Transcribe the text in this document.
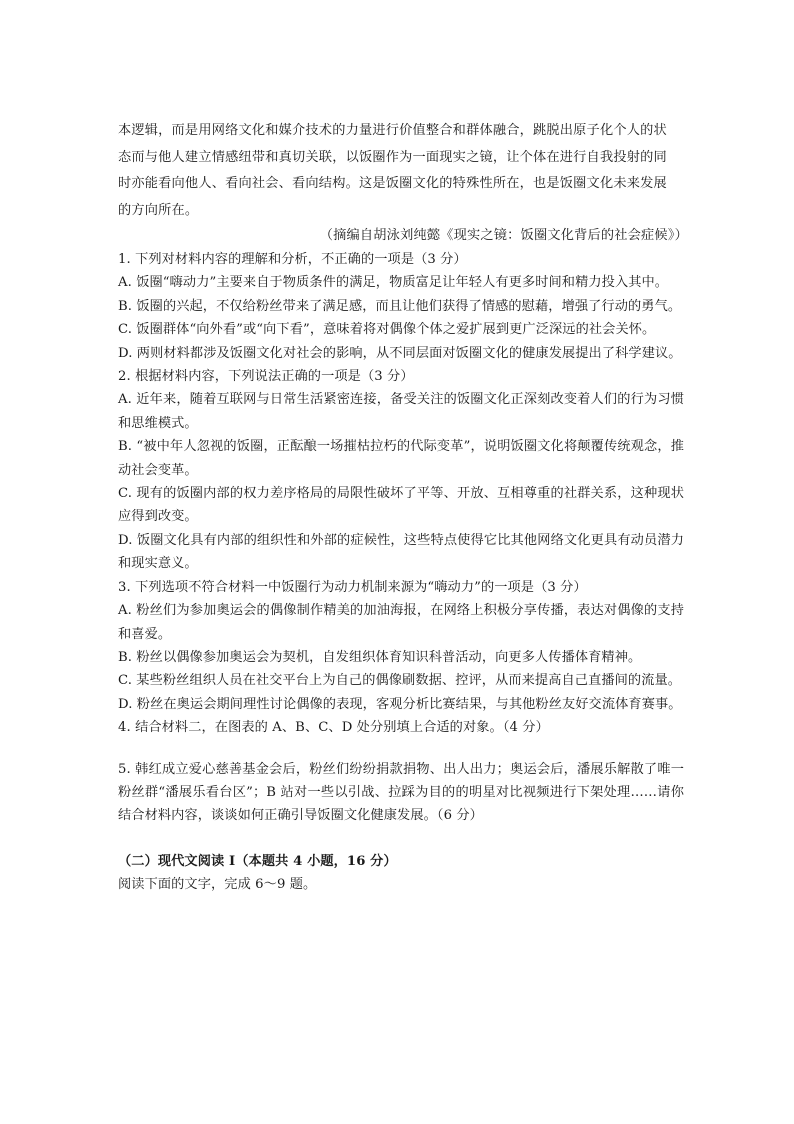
本逻辑，而是用网络文化和媒介技术的力量进行价值整合和群体融合，跳脱出原子化个人的状

态而与他人建立情感纽带和真切关联，以饭圈作为一面现实之镜，让个体在进行自我投射的同

时亦能看向他人、看向社会、看向结构。这是饭圈文化的特殊性所在，也是饭圈文化未来发展

的方向所在。

（摘编自胡泳刘纯懿《现实之镜：饭圈文化背后的社会症候》）

1. 下列对材料内容的理解和分析，不正确的一项是（3 分）

A. 饭圈“嗨动力”主要来自于物质条件的满足，物质富足让年轻人有更多时间和精力投入其中。

B. 饭圈的兴起，不仅给粉丝带来了满足感，而且让他们获得了情感的慰藉，增强了行动的勇气。

C. 饭圈群体“向外看”或“向下看”，意味着将对偶像个体之爱扩展到更广泛深远的社会关怀。

D. 两则材料都涉及饭圈文化对社会的影响，从不同层面对饭圈文化的健康发展提出了科学建议。

2. 根据材料内容，下列说法正确的一项是（3 分）

A. 近年来，随着互联网与日常生活紧密连接，备受关注的饭圈文化正深刻改变着人们的行为习惯和思维模式。

B. “被中年人忽视的饭圈，正酝酿一场摧枯拉朽的代际变革”，说明饭圈文化将颠覆传统观念，推动社会变革。

C. 现有的饭圈内部的权力差序格局的局限性破坏了平等、开放、互相尊重的社群关系，这种现状应得到改变。

D. 饭圈文化具有内部的组织性和外部的症候性，这些特点使得它比其他网络文化更具有动员潜力和现实意义。

3. 下列选项不符合材料一中饭圈行为动力机制来源为“嗨动力”的一项是（3 分）

A. 粉丝们为参加奥运会的偶像制作精美的加油海报，在网络上积极分享传播，表达对偶像的支持和喜爱。

B. 粉丝以偶像参加奥运会为契机，自发组织体育知识科普活动，向更多人传播体育精神。

C. 某些粉丝组织人员在社交平台上为自己的偶像刷数据、控评，从而来提高自己直播间的流量。

D. 粉丝在奥运会期间理性讨论偶像的表现，客观分析比赛结果，与其他粉丝友好交流体育赛事。

4. 结合材料二，在图表的 A、B、C、D 处分别填上合适的对象。（4 分）

5. 韩红成立爱心慈善基金会后，粉丝们纷纷捐款捐物、出人出力；奥运会后，潘展乐解散了唯一粉丝群“潘展乐看台区”；B 站对一些以引战、拉踩为目的的明星对比视频进行下架处理……请你结合材料内容，谈谈如何正确引导饭圈文化健康发展。（6 分）

（二）现代文阅读 I（本题共 4 小题，16 分）

阅读下面的文字，完成 6～9 题。
